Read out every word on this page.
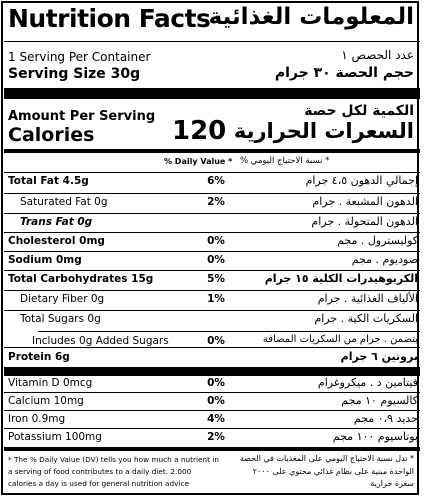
Nutrition Facts
المعلومات الغذائية
1 Serving Per Container	عدد الحصص ١
Serving Size 30g	حجم الحصة ٣٠ جرام
Amount Per Serving	الكمية لكل حصة
Calories	120 السعرات الحرارية
% Daily Value * * نسبة الاحتياج اليومي %
Total Fat 4.5g	6%	إجمالي الدهون ٤،٥ جرام
Saturated Fat 0g	2%	الدهون المشبعة . جرام
Trans Fat 0g	الدهون المتحولة . جرام
Cholesterol 0mg	0%	كوليسترول . مجم
Sodium 0mg	0%	صوديوم . مجم
Total Carbohydrates 15g	5%	الكربوهيدرات الكلية ١٥ جرام
Dietary Fiber 0g	1%	الألياف الغذائية . جرام
Total Sugars 0g	السكريات الكية . جرام
Includes 0g Added Sugars	0%	يتضمن . جرام من السكريات المضافة
Protein 6g	بروتين ٦ جرام
Vitamin D 0mcg	0%	فيتامين د . ميكروغرام
Calcium 10mg	0%	كالسيوم ١٠ مجم
Iron 0.9mg	4%	حديد ٠،٩ مجم
Potassium 100mg	2%	بوتاسيوم ١٠٠ مجم
* The % Daily Value (DV) tells you how much a nutrient in a serving of food contributes to a daily diet. 2.000 calories a day is used for general nutrition advice
* تدل نسبة الاحتياج اليومي على المغذيات في الحصة الواحدة مبنية على نظام غذائي محتوي على ٢٠٠٠ سعرة حرارية
